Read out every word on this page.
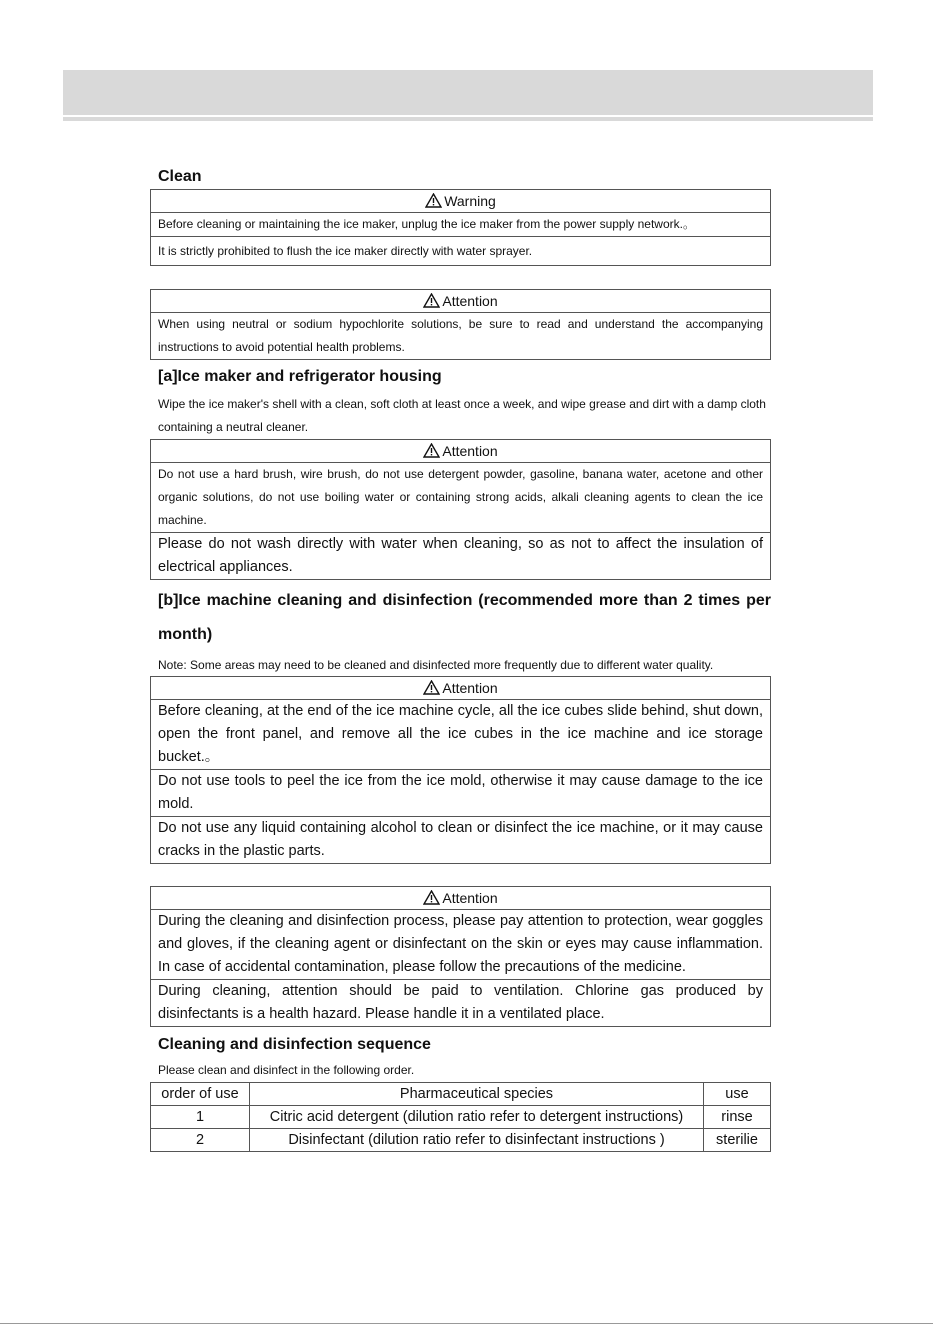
Clean

Warning
Before cleaning or maintaining the ice maker, unplug the ice maker from the power supply network.。
It is strictly prohibited to flush the ice maker directly with water sprayer.
Attention
When using neutral or sodium hypochlorite solutions, be sure to read and understand the accompanying instructions to avoid potential health problems.

[a]Ice maker and refrigerator housing

Wipe the ice maker's shell with a clean, soft cloth at least once a week, and wipe grease and dirt with a damp cloth containing a neutral cleaner.

Attention
Do not use a hard brush, wire brush, do not use detergent powder, gasoline, banana water, acetone and other organic solutions, do not use boiling water or containing strong acids, alkali cleaning agents to clean the ice machine.
Please do not wash directly with water when cleaning, so as not to affect the insulation of electrical appliances.

[b]Ice machine cleaning and disinfection (recommended more than 2 times per month)

Note: Some areas may need to be cleaned and disinfected more frequently due to different water quality.

Attention
Before cleaning, at the end of the ice machine cycle, all the ice cubes slide behind, shut down, open the front panel, and remove all the ice cubes in the ice machine and ice storage bucket.。
Do not use tools to peel the ice from the ice mold, otherwise it may cause damage to the ice mold.
Do not use any liquid containing alcohol to clean or disinfect the ice machine, or it may cause cracks in the plastic parts.
Attention
During the cleaning and disinfection process, please pay attention to protection, wear goggles and gloves, if the cleaning agent or disinfectant on the skin or eyes may cause inflammation. In case of accidental contamination, please follow the precautions of the medicine.
During cleaning, attention should be paid to ventilation. Chlorine gas produced by disinfectants is a health hazard. Please handle it in a ventilated place.

Cleaning and disinfection sequence

Please clean and disinfect in the following order.

order of use	Pharmaceutical species	use
1	Citric acid detergent (dilution ratio refer to detergent instructions)	rinse
2	Disinfectant (dilution ratio refer to disinfectant instructions )	sterilie
